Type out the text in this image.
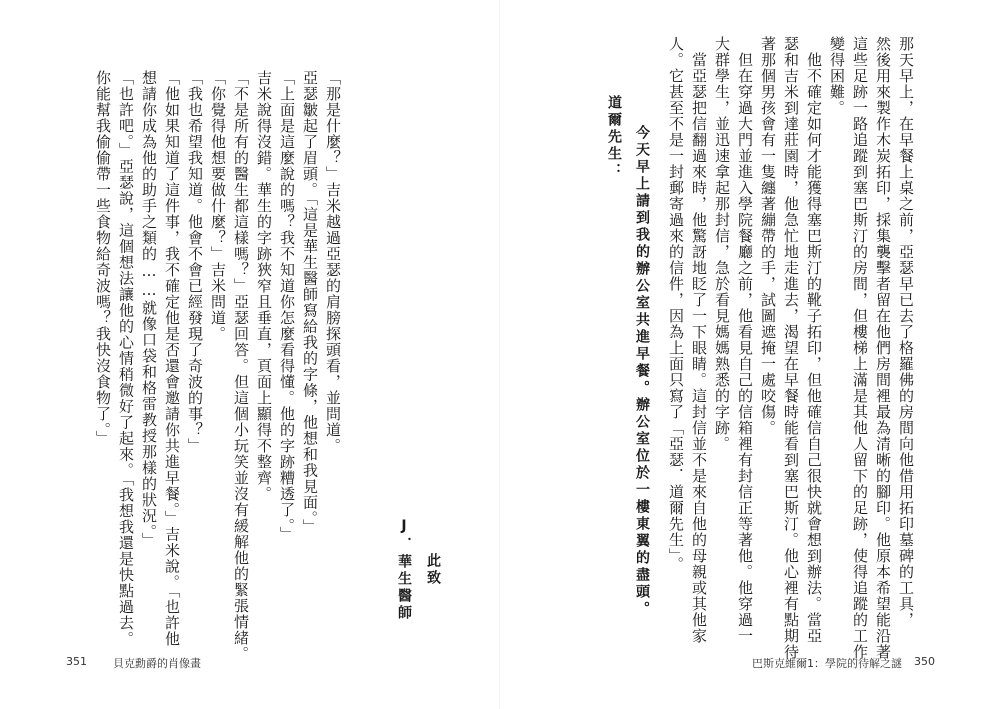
那天早上，在早餐上桌之前，亞瑟早已去了格羅佛的房間向他借用拓印墓碑的工具，
然後用來製作木炭拓印，採集襲擊者留在他們房間裡最為清晰的腳印。他原本希望能沿著
這些足跡一路追蹤到塞巴斯汀的房間，但樓梯上滿是其他人留下的足跡，使得追蹤的工作
變得困難。
　他不確定如何才能獲得塞巴斯汀的靴子拓印，但他確信自己很快就會想到辦法。當亞
瑟和吉米到達莊園時，他急忙地走進去，渴望在早餐時能看到塞巴斯汀。他心裡有點期待
著那個男孩會有一隻纏著繃帶的手，試圖遮掩一處咬傷。
　但在穿過大門並進入學院餐廳之前，他看見自己的信箱裡有封信正等著他。他穿過一
大群學生，並迅速拿起那封信，急於看見媽媽熟悉的字跡。
　當亞瑟把信翻過來時，他驚訝地眨了一下眼睛。這封信並不是來自他的母親或其他家
人。它甚至不是一封郵寄過來的信件，因為上面只寫了「亞瑟．道爾先生」。
道爾先生： 今天早上請到我的辦公室共進早餐。辦公室位於一樓東翼的盡頭。
巴斯克維爾1：學院的待解之謎 350
此致
J．華生醫師
「那是什麼？」吉米越過亞瑟的肩膀探頭看，並問道。
亞瑟皺起了眉頭。「這是華生醫師寫給我的字條，他想和我見面。」
「上面是這麼說的嗎？我不知道你怎麼看得懂。他的字跡糟透了。」
吉米說得沒錯。華生的字跡狹窄且垂直，頁面上顯得不整齊。
「不是所有的醫生都這樣嗎？」亞瑟回答。但這個小玩笑並沒有緩解他的緊張情緒。
「你覺得他想要做什麼？」吉米問道。
「我也希望我知道。他會不會已經發現了奇波的事？」
「他如果知道了這件事，我不確定他是否還會邀請你共進早餐。」吉米說。「也許他
想請你成為他的助手之類的……就像口袋和格雷教授那樣的狀況。」
「也許吧。」亞瑟說，這個想法讓他的心情稍微好了起來。「我想我還是快點過去。
你能幫我偷偷帶一些食物給奇波嗎？我快沒食物了。」
351 貝克勳爵的肖像畫
